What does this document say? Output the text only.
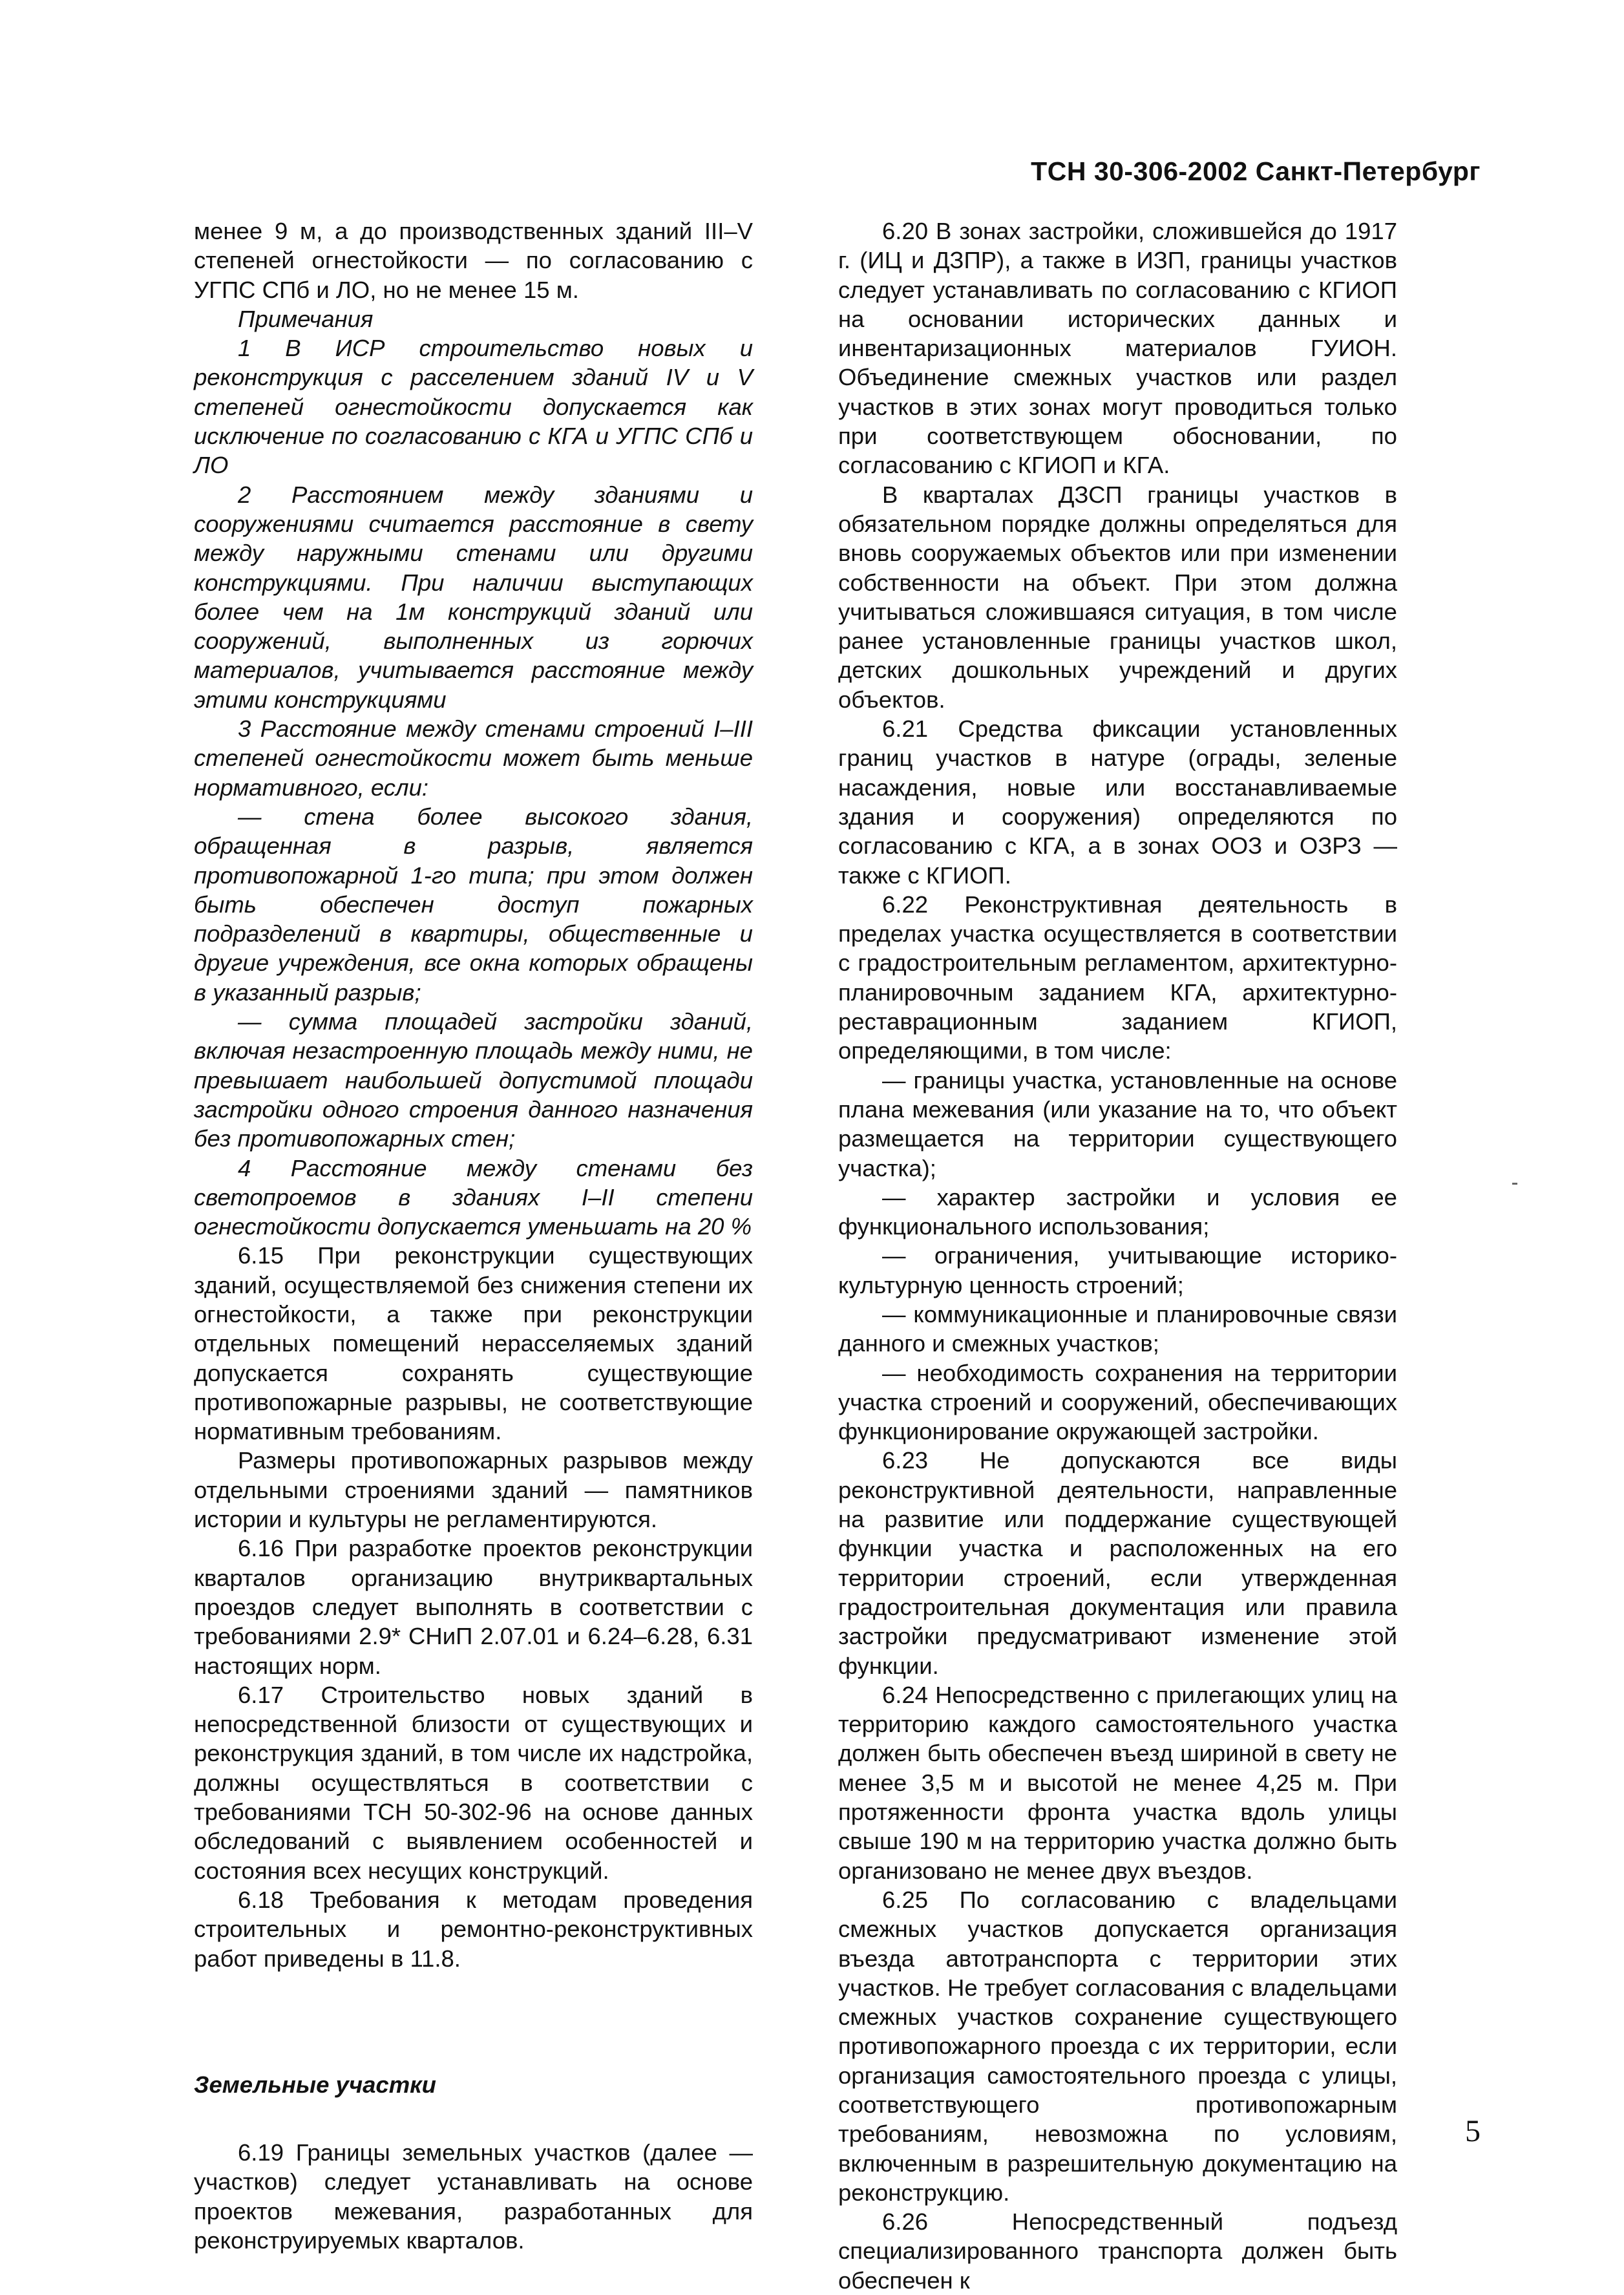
ТСН 30-306-2002 Санкт-Петербург

менее 9 м, а до производственных зданий III–V степеней огнестойкости — по согласованию с УГПС СПб и ЛО, но не менее 15 м.

Примечания

1 В ИСР строительство новых и реконструкция с расселением зданий IV и V степеней огнестойкости допускается как исключение по согласованию с КГА и УГПС СПб и ЛО

2 Расстоянием между зданиями и сооружениями считается расстояние в свету между наружными стенами или другими конструкциями. При наличии выступающих более чем на 1м конструкций зданий или сооружений, выполненных из горючих материалов, учитывается расстояние между этими конструкциями

3 Расстояние между стенами строений I–III степеней огнестойкости может быть меньше нормативного, если:

— стена более высокого здания, обращенная в разрыв, является противопожарной 1-го типа; при этом должен быть обеспечен доступ пожарных подразделений в квартиры, общественные и другие учреждения, все окна которых обращены в указанный разрыв;

— сумма площадей застройки зданий, включая незастроенную площадь между ними, не превышает наибольшей допустимой площади застройки одного строения данного назначения без противопожарных стен;

4 Расстояние между стенами без светопроемов в зданиях I–II степени огнестойкости допускается уменьшать на 20 %

6.15 При реконструкции существующих зданий, осуществляемой без снижения степени их огнестойкости, а также при реконструкции отдельных помещений нерасселяемых зданий допускается сохранять существующие противопожарные разрывы, не соответствующие нормативным требованиям.

Размеры противопожарных разрывов между отдельными строениями зданий — памятников истории и культуры не регламентируются.

6.16 При разработке проектов реконструкции кварталов организацию внутриквартальных проездов следует выполнять в соответствии с требованиями 2.9* СНиП 2.07.01 и 6.24–6.28, 6.31 настоящих норм.

6.17 Строительство новых зданий в непосредственной близости от существующих и реконструкция зданий, в том числе их надстройка, должны осуществляться в соответствии с требованиями ТСН 50-302-96 на основе данных обследований с выявлением особенностей и состояния всех несущих конструкций.

6.18 Требования к методам проведения строительных и ремонтно-реконструктивных работ приведены в 11.8.

Земельные участки

6.19 Границы земельных участков (далее — участков) следует устанавливать на основе проектов межевания, разработанных для реконструируемых кварталов.

6.20 В зонах застройки, сложившейся до 1917 г. (ИЦ и ДЗПР), а также в ИЗП, границы участков следует устанавливать по согласованию с КГИОП на основании исторических данных и инвентаризационных материалов ГУИОН. Объединение смежных участков или раздел участков в этих зонах могут проводиться только при соответствующем обосновании, по согласованию с КГИОП и КГА.

В кварталах ДЗСП границы участков в обязательном порядке должны определяться для вновь сооружаемых объектов или при изменении собственности на объект. При этом должна учитываться сложившаяся ситуация, в том числе ранее установленные границы участков школ, детских дошкольных учреждений и других объектов.

6.21 Средства фиксации установленных границ участков в натуре (ограды, зеленые насаждения, новые или восстанавливаемые здания и сооружения) определяются по согласованию с КГА, а в зонах ООЗ и ОЗРЗ — также с КГИОП.

6.22 Реконструктивная деятельность в пределах участка осуществляется в соответствии с градостроительным регламентом, архитектурно-планировочным заданием КГА, архитектурно-реставрационным заданием КГИОП, определяющими, в том числе:

— границы участка, установленные на основе плана межевания (или указание на то, что объект размещается на территории существующего участка);

— характер застройки и условия ее функционального использования;

— ограничения, учитывающие историко-культурную ценность строений;

— коммуникационные и планировочные связи данного и смежных участков;

— необходимость сохранения на территории участка строений и сооружений, обеспечивающих функционирование окружающей застройки.

6.23 Не допускаются все виды реконструктивной деятельности, направленные на развитие или поддержание существующей функции участка и расположенных на его территории строений, если утвержденная градостроительная документация или правила застройки предусматривают изменение этой функции.

6.24 Непосредственно с прилегающих улиц на территорию каждого самостоятельного участка должен быть обеспечен въезд шириной в свету не менее 3,5 м и высотой не менее 4,25 м. При протяженности фронта участка вдоль улицы свыше 190 м на территорию участка должно быть организовано не менее двух въездов.

6.25 По согласованию с владельцами смежных участков допускается организация въезда автотранспорта с территории этих участков. Не требует согласования с владельцами смежных участков сохранение существующего противопожарного проезда с их территории, если организация самостоятельного проезда с улицы, соответствующего противопожарным требованиям, невозможна по условиям, включенным в разрешительную документацию на реконструкцию.

6.26 Непосредственный подъезд специализированного транспорта должен быть обеспечен к

5
